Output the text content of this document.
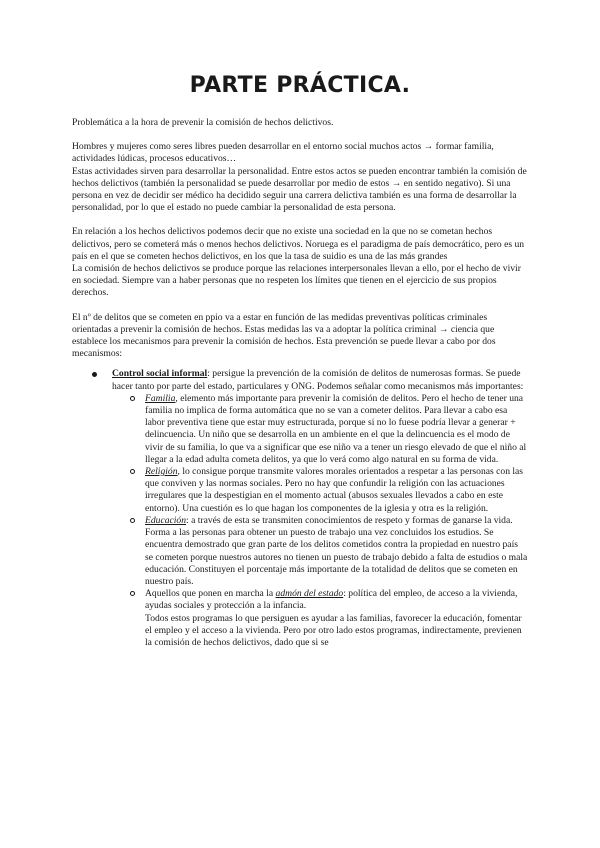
PARTE PRÁCTICA.

Problemática a la hora de prevenir la comisión de hechos delictivos.

Hombres y mujeres como seres libres pueden desarrollar en el entorno social muchos actos → formar familia, actividades lúdicas, procesos educativos…

Estas actividades sirven para desarrollar la personalidad. Entre estos actos se pueden encontrar también la comisión de hechos delictivos (también la personalidad se puede desarrollar por medio de estos → en sentido negativo). Si una persona en vez de decidir ser médico ha decidido seguir una carrera delictiva también es una forma de desarrollar la personalidad, por lo que el estado no puede cambiar la personalidad de esta persona.

En relación a los hechos delictivos podemos decir que no existe una sociedad en la que no se cometan hechos delictivos, pero se cometerá más o menos hechos delictivos. Noruega es el paradigma de país democrático, pero es un país en el que se cometen hechos delictivos, en los que la tasa de suidio es una de las más grandes

La comisión de hechos delictivos se produce porque las relaciones interpersonales llevan a ello, por el hecho de vivir en sociedad. Siempre van a haber personas que no respeten los límites que tienen en el ejercicio de sus propios derechos.

El nº de delitos que se cometen en ppio va a estar en función de las medidas preventivas políticas criminales orientadas a prevenir la comisión de hechos. Estas medidas las va a adoptar la política criminal → ciencia que establece los mecanismos para prevenir la comisión de hechos. Esta prevención se puede llevar a cabo por dos mecanismos:

Control social informal: persigue la prevención de la comisión de delitos de numerosas formas. Se puede hacer tanto por parte del estado, particulares y ONG. Podemos señalar como mecanismos más importantes:

Familia, elemento más importante para prevenir la comisión de delitos. Pero el hecho de tener una familia no implica de forma automática que no se van a cometer delitos. Para llevar a cabo esa labor preventiva tiene que estar muy estructurada, porque si no lo fuese podría llevar a generar + delincuencia. Un niño que se desarrolla en un ambiente en el que la delincuencia es el modo de vivir de su familia, lo que va a significar que ese niño va a tener un riesgo elevado de que el niño al llegar a la edad adulta cometa delitos, ya que lo verá como algo natural en su forma de vida.

Religión, lo consigue porque transmite valores morales orientados a respetar a las personas con las que conviven y las normas sociales. Pero no hay que confundir la religión con las actuaciones irregulares que la despestigian en el momento actual (abusos sexuales llevados a cabo en este entorno). Una cuestión es lo que hagan los componentes de la iglesia y otra es la religión.

Educación: a través de esta se transmiten conocimientos de respeto y formas de ganarse la vida. Forma a las personas para obtener un puesto de trabajo una vez concluidos los estudios. Se encuentra demostrado que gran parte de los delitos cometidos contra la propiedad en nuestro país se cometen porque nuestros autores no tienen un puesto de trabajo debido a falta de estudios o mala educación. Constituyen el porcentaje más importante de la totalidad de delitos que se cometen en nuestro país.

Aquellos que ponen en marcha la admón del estado: política del empleo, de acceso a la vivienda, ayudas sociales y protección a la infancia.

Todos estos programas lo que persiguen es ayudar a las familias, favorecer la educación, fomentar el empleo y el acceso a la vivienda. Pero por otro lado estos programas, indirectamente, previenen la comisión de hechos delictivos, dado que si se
